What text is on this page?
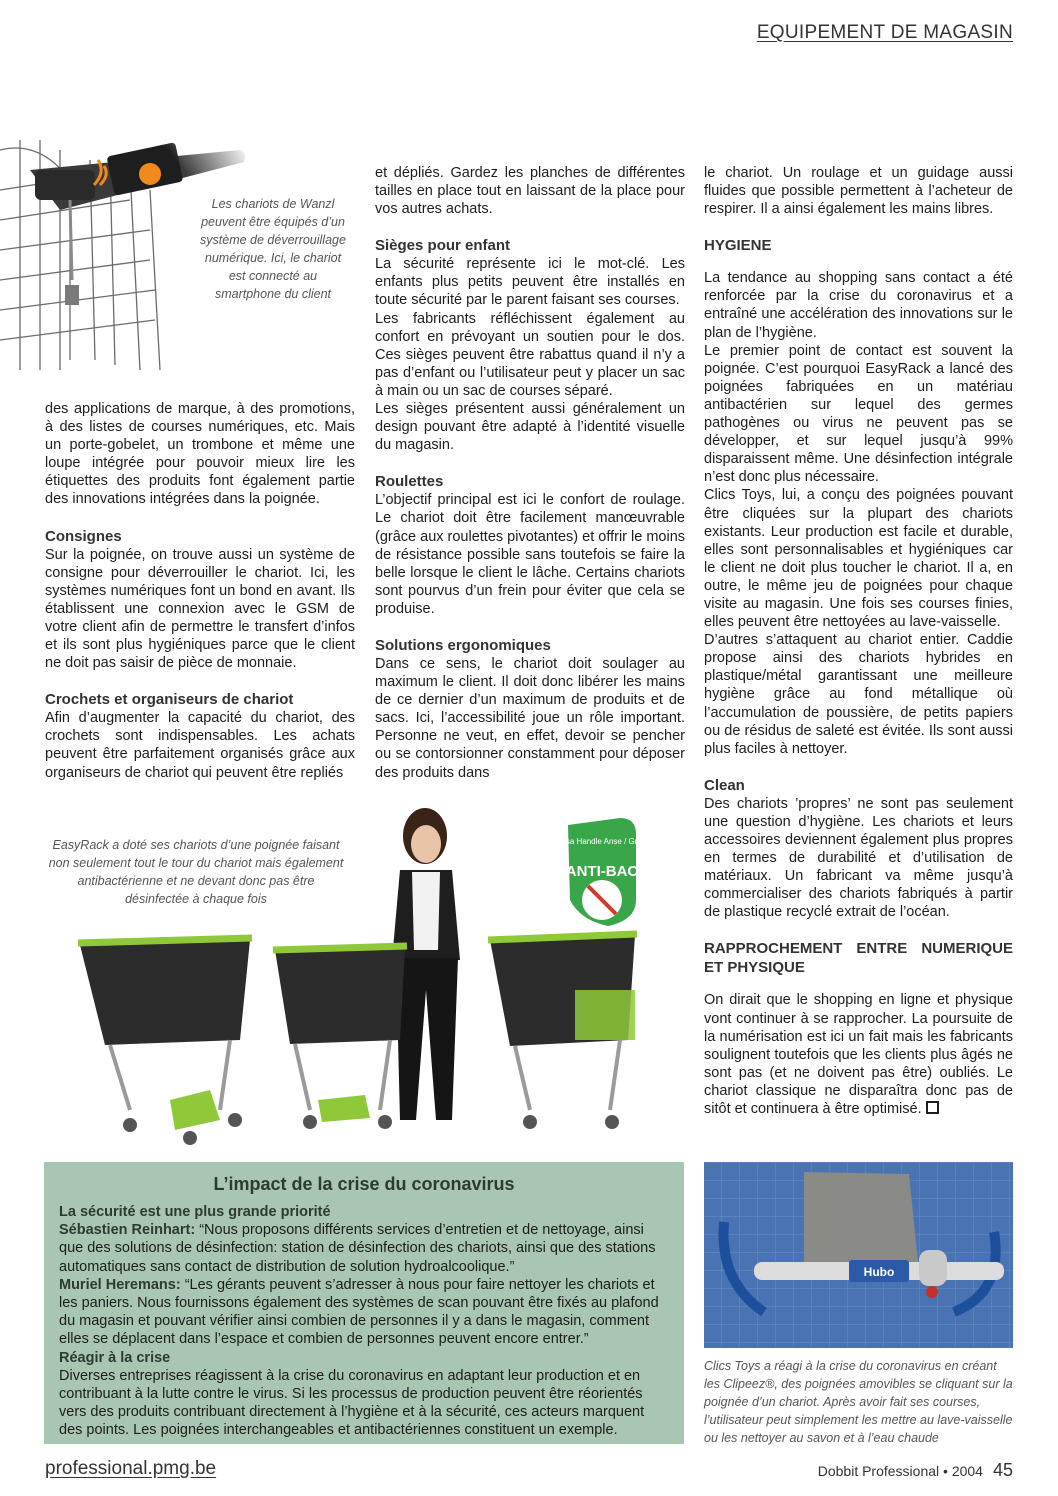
EQUIPEMENT DE MAGASIN
Les chariots de Wanzl peuvent être équipés d’un système de déverrouillage numérique. Ici, le chariot est connecté au smartphone du client

des applications de marque, à des promotions, à des listes de courses numériques, etc. Mais un porte-gobelet, un trombone et même une loupe intégrée pour pouvoir mieux lire les étiquettes des produits font également partie des innovations intégrées dans la poignée.

Consignes

Sur la poignée, on trouve aussi un système de consigne pour déverrouiller le chariot. Ici, les systèmes numériques font un bond en avant. Ils établissent une connexion avec le GSM de votre client afin de permettre le transfert d’infos et ils sont plus hygiéniques parce que le client ne doit pas saisir de pièce de monnaie.

Crochets et organiseurs de chariot

Afin d’augmenter la capacité du chariot, des crochets sont indispensables. Les achats peuvent être parfaitement organisés grâce aux organiseurs de chariot qui peuvent être repliés

et dépliés. Gardez les planches de différentes tailles en place tout en laissant de la place pour vos autres achats.

Sièges pour enfant

La sécurité représente ici le mot-clé. Les enfants plus petits peuvent être installés en toute sécurité par le parent faisant ses courses.

Les fabricants réfléchissent également au confort en prévoyant un soutien pour le dos. Ces sièges peuvent être rabattus quand il n’y a pas d’enfant ou l’utilisateur peut y placer un sac à main ou un sac de courses séparé.

Les sièges présentent aussi généralement un design pouvant être adapté à l’identité visuelle du magasin.

Roulettes

L’objectif principal est ici le confort de roulage. Le chariot doit être facilement manœuvrable (grâce aux roulettes pivotantes) et offrir le moins de résistance possible sans toutefois se faire la belle lorsque le client le lâche. Certains chariots sont pourvus d’un frein pour éviter que cela se produise.

Solutions ergonomiques

Dans ce sens, le chariot doit soulager au maximum le client. Il doit donc libérer les mains de ce dernier d’un maximum de produits et de sacs. Ici, l’accessibilité joue un rôle important. Personne ne veut, en effet, devoir se pencher ou se contorsionner constamment pour déposer des produits dans

le chariot. Un roulage et un guidage aussi fluides que possible permettent à l’acheteur de respirer. Il a ainsi également les mains libres.

HYGIENE

La tendance au shopping sans contact a été renforcée par la crise du coronavirus et a entraîné une accélération des innovations sur le plan de l’hygiène.

Le premier point de contact est souvent la poignée. C’est pourquoi EasyRack a lancé des poignées fabriquées en un matériau antibactérien sur lequel des germes pathogènes ou virus ne peuvent pas se développer, et sur lequel jusqu’à 99% disparaissent même. Une désinfection intégrale n’est donc plus nécessaire.

Clics Toys, lui, a conçu des poignées pouvant être cliquées sur la plupart des chariots existants. Leur production est facile et durable, elles sont personnalisables et hygiéniques car le client ne doit plus toucher le chariot. Il a, en outre, le même jeu de poignées pour chaque visite au magasin. Une fois ses courses finies, elles peuvent être nettoyées au lave-vaisselle.

D’autres s’attaquent au chariot entier. Caddie propose ainsi des chariots hybrides en plastique/métal garantissant une meilleure hygiène grâce au fond métallique où l’accumulation de poussière, de petits papiers ou de résidus de saleté est évitée. Ils sont aussi plus faciles à nettoyer.

Clean

Des chariots ’propres’ ne sont pas seulement une question d’hygiène. Les chariots et leurs accessoires deviennent également plus propres en termes de durabilité et d’utilisation de matériaux. Un fabricant va même jusqu’à commercialiser des chariots fabriqués à partir de plastique recyclé extrait de l’océan.

RAPPROCHEMENT ENTRE NUMERIQUE ET PHYSIQUE

On dirait que le shopping en ligne et physique vont continuer à se rapprocher. La poursuite de la numérisation est ici un fait mais les fabricants soulignent toutefois que les clients plus âgés ne sont pas (et ne doivent pas être) oubliés. Le chariot classique ne disparaîtra donc pas de sitôt et continuera à être optimisé.

EasyRack a doté ses chariots d’une poignée faisant non seulement tout le tour du chariot mais également antibactérienne et ne devant donc pas être désinfectée à chaque fois
Asa Handle Anse / Griff
ANTI-BAC
L’impact de la crise du coronavirus
La sécurité est une plus grande priorité
Sébastien Reinhart: “Nous proposons différents services d’entretien et de nettoyage, ainsi que des solutions de désinfection: station de désinfection des chariots, ainsi que des stations automatiques sans contact de distribution de solution hydroalcoolique.”
Muriel Heremans: “Les gérants peuvent s’adresser à nous pour faire nettoyer les chariots et les paniers. Nous fournissons également des systèmes de scan pouvant être fixés au plafond du magasin et pouvant vérifier ainsi combien de personnes il y a dans le magasin, comment elles se déplacent dans l’espace et combien de personnes peuvent encore entrer.”
Réagir à la crise
Diverses entreprises réagissent à la crise du coronavirus en adaptant leur production et en contribuant à la lutte contre le virus. Si les processus de production peuvent être réorientés vers des produits contribuant directement à l’hygiène et à la sécurité, ces acteurs marquent des points. Les poignées interchangeables et antibactériennes constituent un exemple.
Hubo
Clics Toys a réagi à la crise du coronavirus en créant les Clipeez®, des poignées amovibles se cliquant sur la poignée d’un chariot. Après avoir fait ses courses, l’utilisateur peut simplement les mettre au lave-vaisselle ou les nettoyer au savon et à l’eau chaude
professional.pmg.be	Dobbit Professional • 2004 45
